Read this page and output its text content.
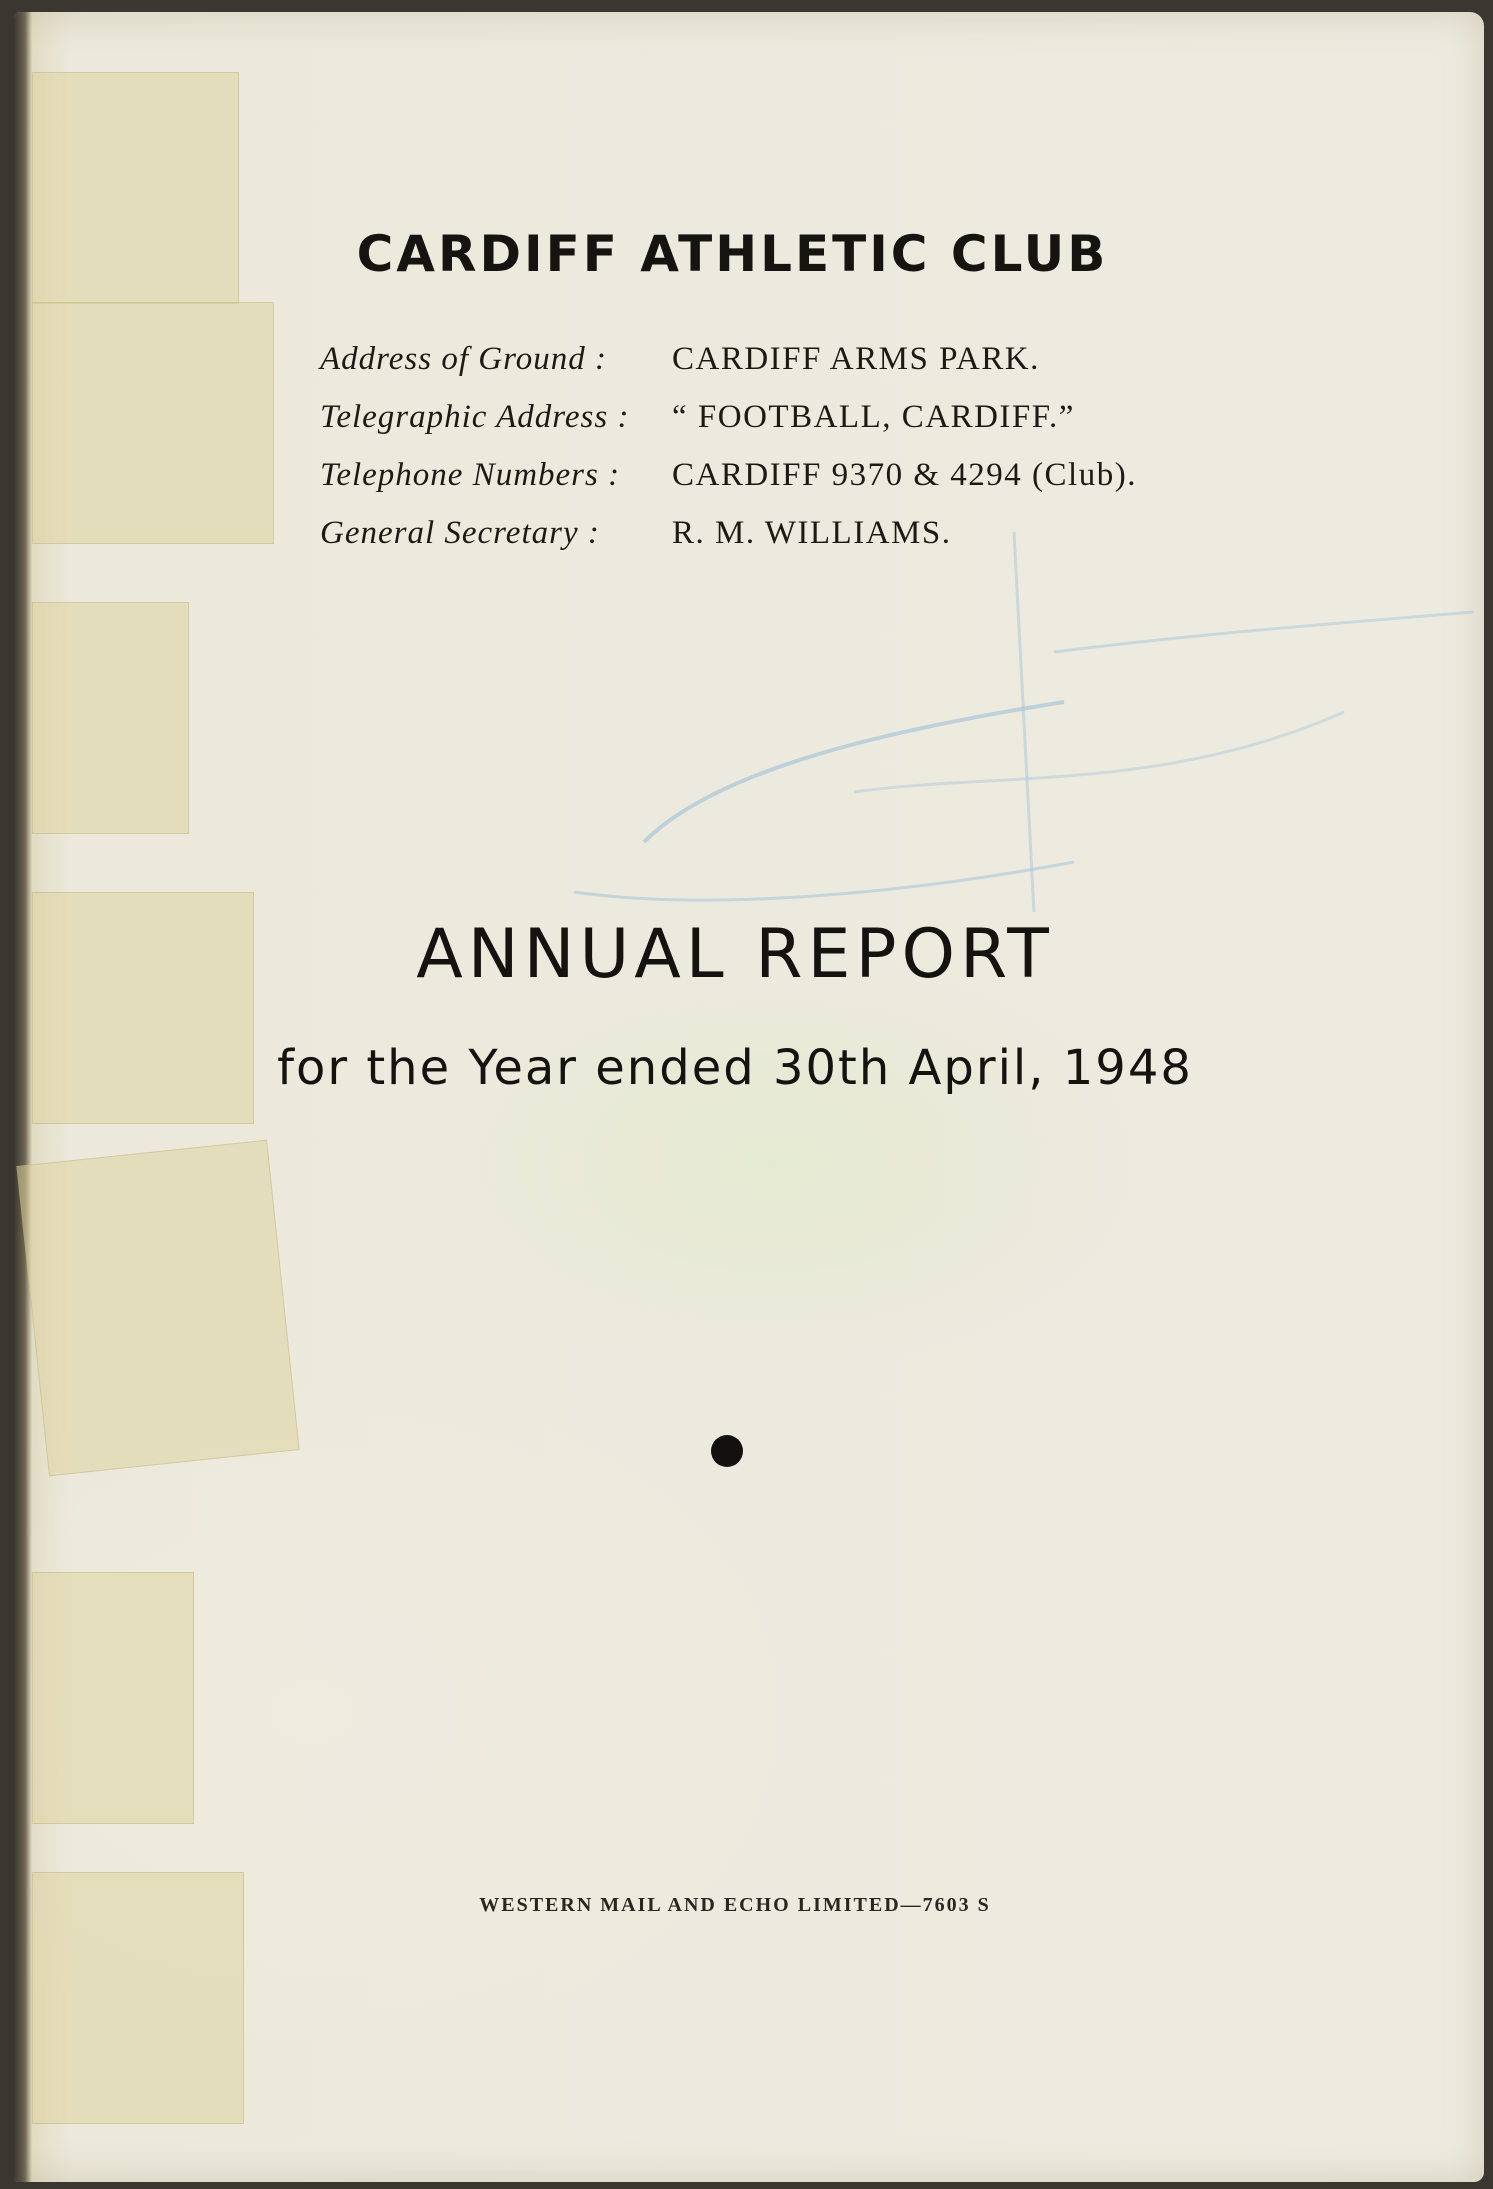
CARDIFF ATHLETIC CLUB
Address of Ground :	CARDIFF ARMS PARK.
Telegraphic Address :	“ FOOTBALL, CARDIFF.”
Telephone Numbers :	CARDIFF 9370 & 4294 (Club).
General Secretary :	R. M. WILLIAMS.
ANNUAL REPORT
for the Year ended 30th April, 1948
WESTERN MAIL AND ECHO LIMITED—7603 S
